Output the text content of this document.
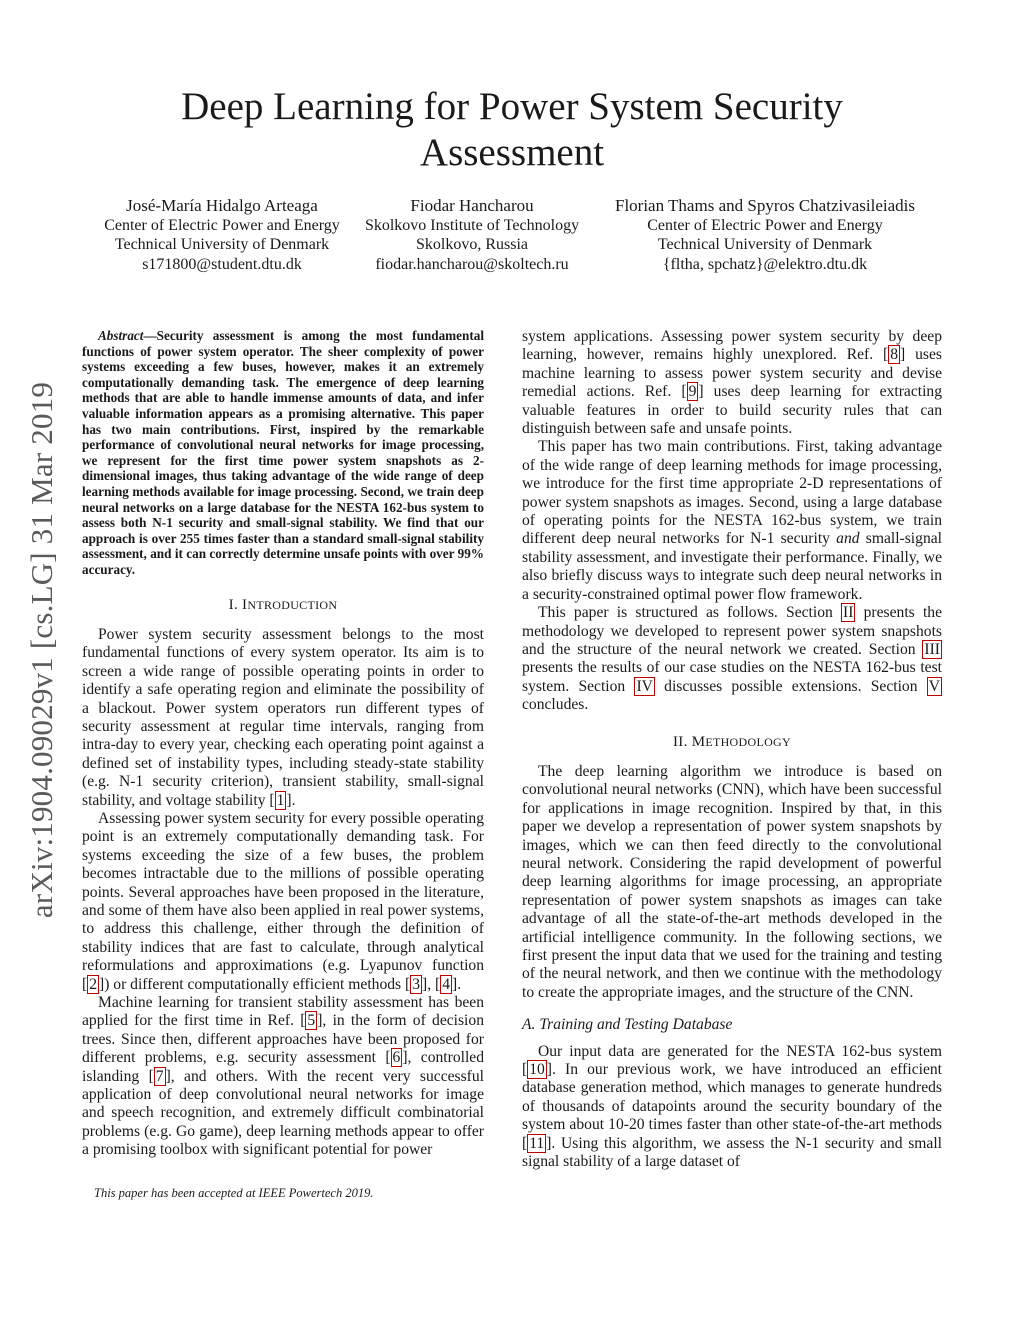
arXiv:1904.09029v1 [cs.LG] 31 Mar 2019
Deep Learning for Power System Security Assessment
José-María Hidalgo Arteaga
Center of Electric Power and Energy
Technical University of Denmark
s171800@student.dtu.dk
Fiodar Hancharou
Skolkovo Institute of Technology
Skolkovo, Russia
fiodar.hancharou@skoltech.ru
Florian Thams and Spyros Chatzivasileiadis
Center of Electric Power and Energy
Technical University of Denmark
{fltha, spchatz}@elektro.dtu.dk

Abstract—Security assessment is among the most fundamental functions of power system operator. The sheer complexity of power systems exceeding a few buses, however, makes it an extremely computationally demanding task. The emergence of deep learning methods that are able to handle immense amounts of data, and infer valuable information appears as a promising alternative. This paper has two main contributions. First, inspired by the remarkable performance of convolutional neural networks for image processing, we represent for the first time power system snapshots as 2-dimensional images, thus taking advantage of the wide range of deep learning methods available for image processing. Second, we train deep neural networks on a large database for the NESTA 162-bus system to assess both N-1 security and small-signal stability. We find that our approach is over 255 times faster than a standard small-signal stability assessment, and it can correctly determine unsafe points with over 99% accuracy.

I. INTRODUCTION

Power system security assessment belongs to the most fundamental functions of every system operator. Its aim is to screen a wide range of possible operating points in order to identify a safe operating region and eliminate the possibility of a blackout. Power system operators run different types of security assessment at regular time intervals, ranging from intra-day to every year, checking each operating point against a defined set of instability types, including steady-state stability (e.g. N-1 security criterion), transient stability, small-signal stability, and voltage stability [ 1 ].

Assessing power system security for every possible operating point is an extremely computationally demanding task. For systems exceeding the size of a few buses, the problem becomes intractable due to the millions of possible operating points. Several approaches have been proposed in the literature, and some of them have also been applied in real power systems, to address this challenge, either through the definition of stability indices that are fast to calculate, through analytical reformulations and approximations (e.g. Lyapunov function [ 2 ]) or different computationally efficient methods [ 3 ], [ 4 ].

Machine learning for transient stability assessment has been applied for the first time in Ref. [ 5 ], in the form of decision trees. Since then, different approaches have been proposed for different problems, e.g. security assessment [ 6 ], controlled islanding [ 7 ], and others. With the recent very successful application of deep convolutional neural networks for image and speech recognition, and extremely difficult combinatorial problems (e.g. Go game), deep learning methods appear to offer a promising toolbox with significant potential for power

system applications. Assessing power system security by deep learning, however, remains highly unexplored. Ref. [ 8 ] uses machine learning to assess power system security and devise remedial actions. Ref. [ 9 ] uses deep learning for extracting valuable features in order to build security rules that can distinguish between safe and unsafe points.

This paper has two main contributions. First, taking advantage of the wide range of deep learning methods for image processing, we introduce for the first time appropriate 2-D representations of power system snapshots as images. Second, using a large database of operating points for the NESTA 162-bus system, we train different deep neural networks for N-1 security and small-signal stability assessment, and investigate their performance. Finally, we also briefly discuss ways to integrate such deep neural networks in a security-constrained optimal power flow framework.

This paper is structured as follows. Section II presents the methodology we developed to represent power system snapshots and the structure of the neural network we created. Section III presents the results of our case studies on the NESTA 162-bus test system. Section IV discusses possible extensions. Section V concludes.

II. METHODOLOGY

The deep learning algorithm we introduce is based on convolutional neural networks (CNN), which have been successful for applications in image recognition. Inspired by that, in this paper we develop a representation of power system snapshots by images, which we can then feed directly to the convolutional neural network. Considering the rapid development of powerful deep learning algorithms for image processing, an appropriate representation of power system snapshots as images can take advantage of all the state-of-the-art methods developed in the artificial intelligence community. In the following sections, we first present the input data that we used for the training and testing of the neural network, and then we continue with the methodology to create the appropriate images, and the structure of the CNN.

A. Training and Testing Database

Our input data are generated for the NESTA 162-bus system [ 10 ]. In our previous work, we have introduced an efficient database generation method, which manages to generate hundreds of thousands of datapoints around the security boundary of the system about 10-20 times faster than other state-of-the-art methods [ 11 ]. Using this algorithm, we assess the N-1 security and small signal stability of a large dataset of

This paper has been accepted at IEEE Powertech 2019.
